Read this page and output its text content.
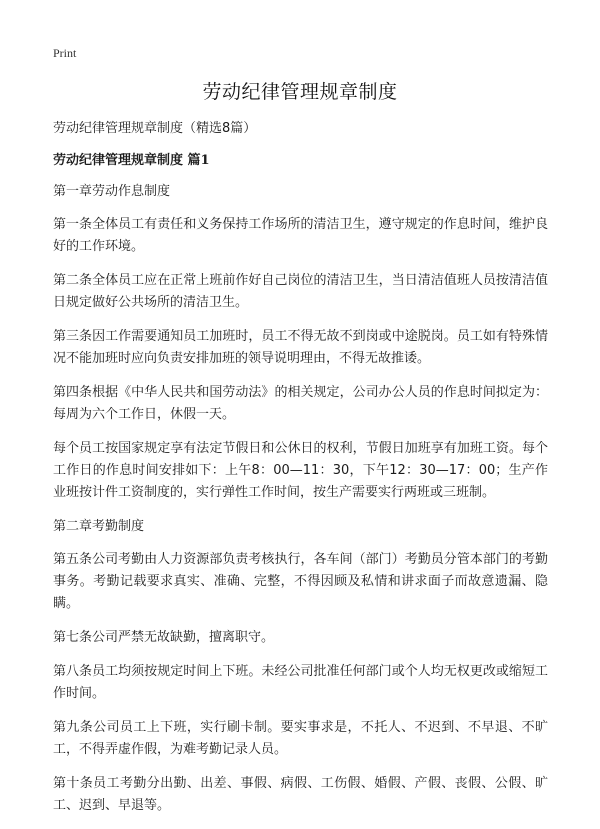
Print
劳动纪律管理规章制度

劳动纪律管理规章制度（精选8篇）

劳动纪律管理规章制度 篇1

第一章劳动作息制度

第一条全体员工有责任和义务保持工作场所的清洁卫生，遵守规定的作息时间，维护良好的工作环境。

第二条全体员工应在正常上班前作好自己岗位的清洁卫生，当日清洁值班人员按清洁值日规定做好公共场所的清洁卫生。

第三条因工作需要通知员工加班时，员工不得无故不到岗或中途脱岗。员工如有特殊情况不能加班时应向负责安排加班的领导说明理由，不得无故推诿。

第四条根据《中华人民共和国劳动法》的相关规定，公司办公人员的作息时间拟定为：每周为六个工作日，休假一天。

每个员工按国家规定享有法定节假日和公休日的权利，节假日加班享有加班工资。每个工作日的作息时间安排如下：上午8：00—11：30，下午12：30—17：00；生产作业班按计件工资制度的，实行弹性工作时间，按生产需要实行两班或三班制。

第二章考勤制度

第五条公司考勤由人力资源部负责考核执行，各车间（部门）考勤员分管本部门的考勤事务。考勤记载要求真实、准确、完整，不得因顾及私情和讲求面子而故意遗漏、隐瞒。

第七条公司严禁无故缺勤，擅离职守。

第八条员工均须按规定时间上下班。未经公司批准任何部门或个人均无权更改或缩短工作时间。

第九条公司员工上下班，实行刷卡制。要实事求是，不托人、不迟到、不早退、不旷工，不得弄虚作假，为难考勤记录人员。

第十条员工考勤分出勤、出差、事假、病假、工伤假、婚假、产假、丧假、公假、旷工、迟到、早退等。
